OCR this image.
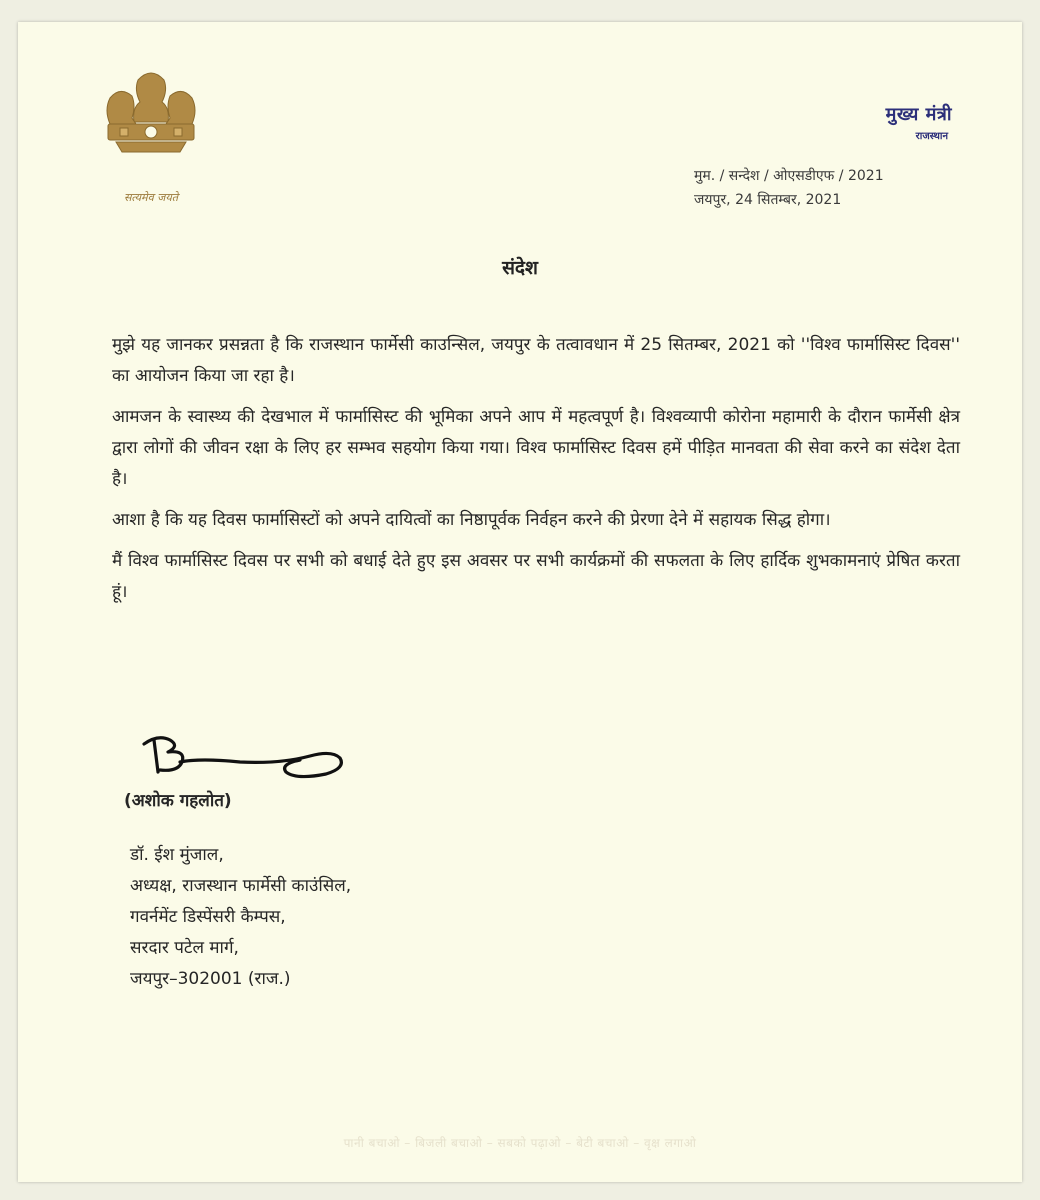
सत्यमेव जयते
मुख्य मंत्री
राजस्थान
मुम. / सन्देश / ओएसडीएफ / 2021
जयपुर, 24 सितम्बर, 2021
संदेश

मुझे यह जानकर प्रसन्नता है कि राजस्थान फार्मेसी काउन्सिल, जयपुर के तत्वावधान में 25 सितम्बर, 2021 को ''विश्व फार्मासिस्ट दिवस'' का आयोजन किया जा रहा है।

आमजन के स्वास्थ्य की देखभाल में फार्मासिस्ट की भूमिका अपने आप में महत्वपूर्ण है। विश्वव्यापी कोरोना महामारी के दौरान फार्मेसी क्षेत्र द्वारा लोगों की जीवन रक्षा के लिए हर सम्भव सहयोग किया गया। विश्व फार्मासिस्ट दिवस हमें पीड़ित मानवता की सेवा करने का संदेश देता है।

आशा है कि यह दिवस फार्मासिस्टों को अपने दायित्वों का निष्ठापूर्वक निर्वहन करने की प्रेरणा देने में सहायक सिद्ध होगा।

मैं विश्व फार्मासिस्ट दिवस पर सभी को बधाई देते हुए इस अवसर पर सभी कार्यक्रमों की सफलता के लिए हार्दिक शुभकामनाएं प्रेषित करता हूं।

(अशोक गहलोत)
डॉ. ईश मुंजाल,
अध्यक्ष, राजस्थान फार्मेसी काउंसिल,
गवर्नमेंट डिस्पेंसरी कैम्पस,
सरदार पटेल मार्ग,
जयपुर–302001 (राज.)
पानी बचाओ – बिजली बचाओ – सबको पढ़ाओ – बेटी बचाओ – वृक्ष लगाओ
